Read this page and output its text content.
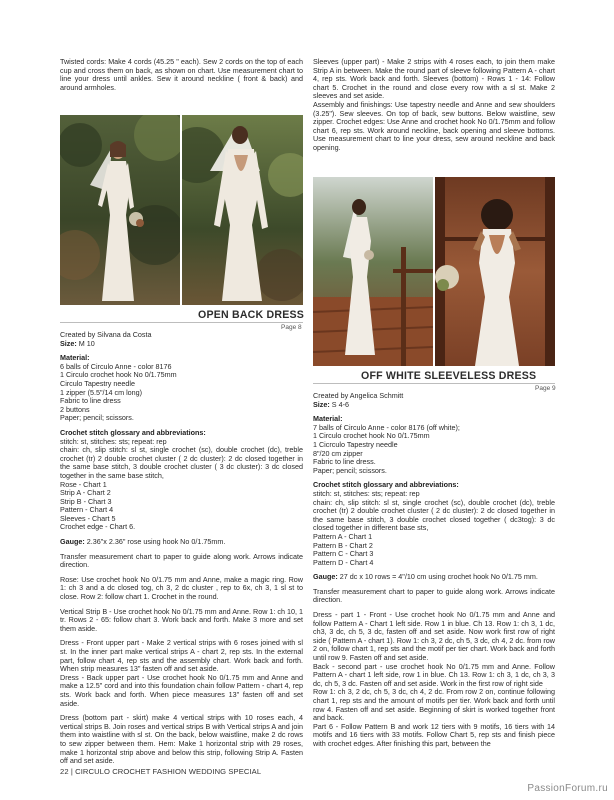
Twisted cords: Make 4 cords (45.25 " each). Sew 2 cords on the top of each cup and cross them on back, as shown on chart. Use measurement chart to line your dress until ankles. Sew it around neckline ( front & back) and around armholes.

Sleeves (upper part) - Make 2 strips with 4 roses each, to join them make Strip A in between. Make the round part of sleeve following Pattern A - chart 4, rep sts. Work back and forth. Sleeves (bottom) - Rows 1 - 14: Follow chart 5. Crochet in the round and close every row with a sl st. Make 2 sleeves and set aside.

Assembly and finishings: Use tapestry needle and Anne and sew shoulders (3.25"). Sew sleeves. On top of back, sew buttons. Below waistline, sew zipper. Crochet edges: Use Anne and crochet hook No 0/1.75mm and follow chart 6, rep sts. Work around neckline, back opening and sleeve bottoms. Use measurement chart to line your dress, sew around neckline and back opening.

OPEN BACK DRESS
Page 8

Created by Silvana da Costa

Size: M 10

Material:

6 balls of Circulo Anne - color 8176

1 Circulo crochet hook No 0/1.75mm

Circulo Tapestry needle

1 zipper (5.5"/14 cm long)

Fabric to line dress

2 buttons

Paper; pencil; scissors.

Crochet stitch glossary and abbreviations:

stitch: st, stitches: sts; repeat: rep

chain: ch, slip stitch: sl st, single crochet (sc), double crochet (dc), treble crochet (tr) 2 double crochet cluster ( 2 dc cluster): 2 dc closed together in the same base stitch, 3 double crochet cluster ( 3 dc cluster): 3 dc closed together in the same base stitch,

Rose - Chart 1

Strip A - Chart 2

Strip B - Chart 3

Pattern - Chart 4

Sleeves - Chart 5

Crochet edge - Chart 6.

Gauge: 2.36"x 2.36" rose using hook No 0/1.75mm.

Transfer measurement chart to paper to guide along work. Arrows indicate direction.

Rose: Use crochet hook No 0/1.75 mm and Anne, make a magic ring. Row 1: ch 3 and a dc closed tog, ch 3, 2 dc cluster , rep to 6x, ch 3, 1 sl st to close. Row 2: follow chart 1. Crochet in the round.

Vertical Strip B - Use crochet hook No 0/1.75 mm and Anne. Row 1: ch 10, 1 tr. Rows 2 - 65: follow chart 3. Work back and forth. Make 3 more and set them aside.

Dress - Front upper part - Make 2 vertical strips with 6 roses joined with sl st. In the inner part make vertical strips A - chart 2, rep sts. In the external part, follow chart 4, rep sts and the assembly chart. Work back and forth. When strip measures 13" fasten off and set aside.
Dress - Back upper part - Use crochet hook No 0/1.75 mm and Anne and make a 12.5" cord and into this foundation chain follow Pattern - chart 4, rep sts. Work back and forth. When piece measures 13" fasten off and set aside.

Dress (bottom part - skirt) make 4 vertical strips with 10 roses each, 4 vertical strips B. Join roses and vertical strips B with Vertical strips A and join them into waistline with sl st. On the back, below waistline, make 2 dc rows to sew zipper between them. Hem: Make 1 horizontal strip with 29 roses, make 1 horizontal strip above and below this strip, following Strip A. Fasten off and set aside.

OFF WHITE SLEEVELESS DRESS
Page 9

Created by Angelica Schmitt

Size: S 4-6

Material:

7 balls of Circulo Anne - color 8176 (off white);

1 Circulo crochet hook No 0/1.75mm

1 Cicrculo Tapestry needle

8"/20 cm zipper

Fabric to line dress.

Paper; pencil; scissors.

Crochet stitch glossary and abbreviations:

stitch: st, stitches: sts; repeat: rep

chain: ch, slip stitch: sl st, single crochet (sc), double crochet (dc), treble crochet (tr) 2 double crochet cluster ( 2 dc cluster): 2 dc closed together in the same base stitch, 3 double crochet closed together ( dc3tog): 3 dc closed together in different base sts,

Pattern A - Chart 1

Pattern B - Chart 2

Pattern C - Chart 3

Pattern D - Chart 4

Gauge: 27 dc x 10 rows = 4"/10 cm using crochet hook No 0/1.75 mm.

Transfer measurement chart to paper to guide along work. Arrows indicate direction.

Dress - part 1 - Front - Use crochet hook No 0/1.75 mm and Anne and follow Pattern A - Chart 1 left side. Row 1 in blue. Ch 13. Row 1: ch 3, 1 dc, ch3, 3 dc, ch 5, 3 dc, fasten off and set aside. Now work first row of right side ( Pattern A - chart 1). Row 1: ch 3, 2 dc, ch 5, 3 dc, ch 4, 2 dc. from row 2 on, follow chart 1, rep sts and the motif per tier chart. Work back and forth until row 9. Fasten off and set aside.
Back - second part - use crochet hook No 0/1.75 mm and Anne. Follow Pattern A - chart 1 left side, row 1 in blue. Ch 13. Row 1: ch 3, 1 dc, ch 3, 3 dc, ch 5, 3 dc. Fasten off and set aside. Work in the first row of right side
Row 1: ch 3, 2 dc, ch 5, 3 dc, ch 4, 2 dc. From row 2 on, continue following chart 1, rep sts and the amount of motifs per tier. Work back and forth until row 4. Fasten off and set aside. Beginning of skirt is worked together front and back.
Part 6 - Follow Pattern B and work 12 tiers with 9 motifs, 16 tiers with 14 motifs and 16 tiers with 33 motifs. Follow Chart 5, rep sts and finish piece with crochet edges. After finishing this part, between the

22 | CIRCULO CROCHET FASHION WEDDING SPECIAL
PassionForum.ru
